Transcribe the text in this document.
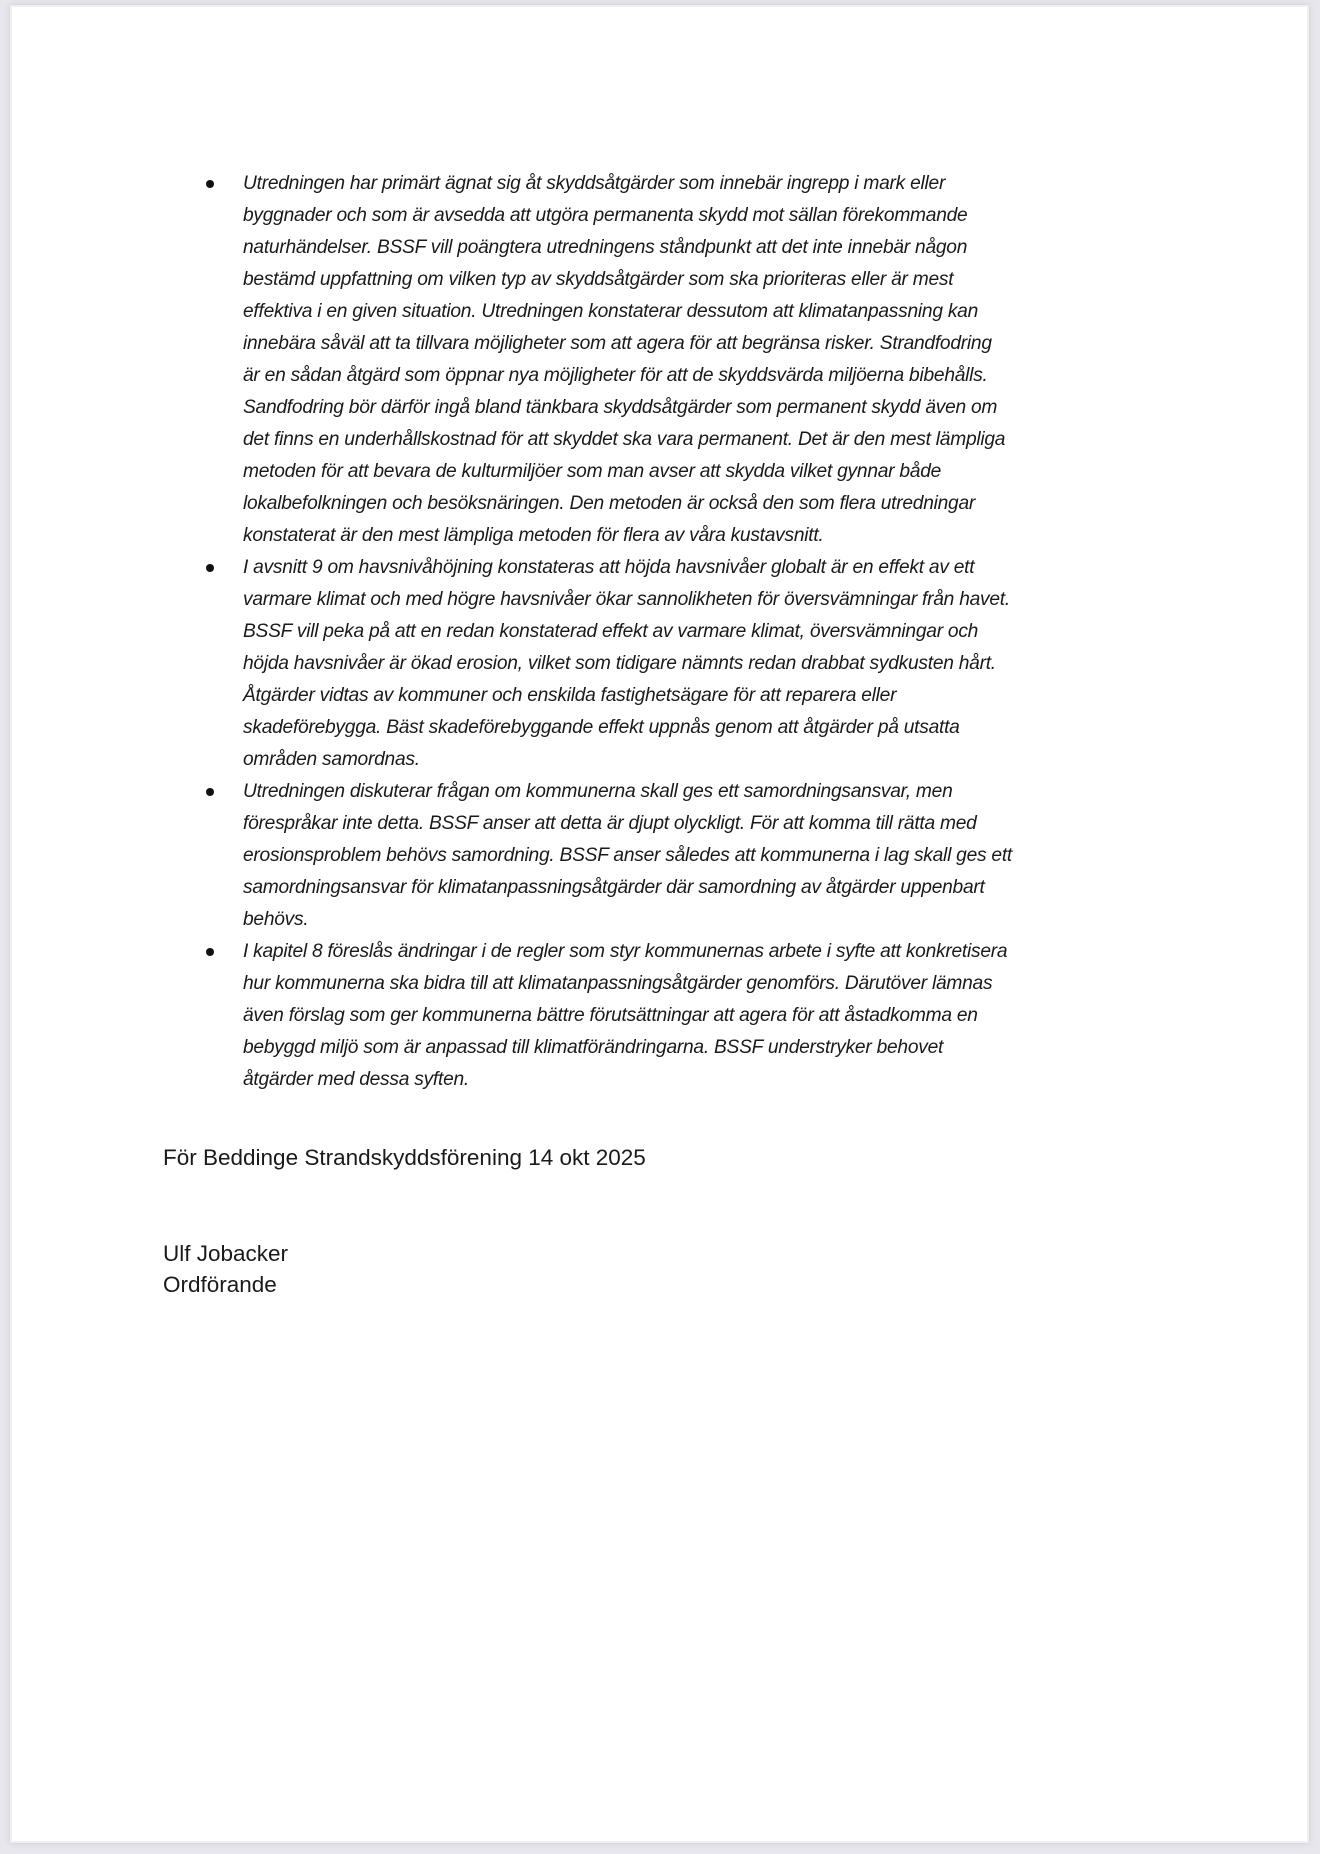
Utredningen har primärt ägnat sig åt skyddsåtgärder som innebär ingrepp i mark eller
byggnader och som är avsedda att utgöra permanenta skydd mot sällan förekommande
naturhändelser. BSSF vill poängtera utredningens ståndpunkt att det inte innebär någon
bestämd uppfattning om vilken typ av skyddsåtgärder som ska prioriteras eller är mest
effektiva i en given situation. Utredningen konstaterar dessutom att klimatanpassning kan
innebära såväl att ta tillvara möjligheter som att agera för att begränsa risker. Strandfodring
är en sådan åtgärd som öppnar nya möjligheter för att de skyddsvärda miljöerna bibehålls.
Sandfodring bör därför ingå bland tänkbara skyddsåtgärder som permanent skydd även om
det finns en underhållskostnad för att skyddet ska vara permanent. Det är den mest lämpliga
metoden för att bevara de kulturmiljöer som man avser att skydda vilket gynnar både
lokalbefolkningen och besöksnäringen. Den metoden är också den som flera utredningar
konstaterat är den mest lämpliga metoden för flera av våra kustavsnitt.
I avsnitt 9 om havsnivåhöjning konstateras att höjda havsnivåer globalt är en effekt av ett
varmare klimat och med högre havsnivåer ökar sannolikheten för översvämningar från havet.
BSSF vill peka på att en redan konstaterad effekt av varmare klimat, översvämningar och
höjda havsnivåer är ökad erosion, vilket som tidigare nämnts redan drabbat sydkusten hårt.
Åtgärder vidtas av kommuner och enskilda fastighetsägare för att reparera eller
skadeförebygga. Bäst skadeförebyggande effekt uppnås genom att åtgärder på utsatta
områden samordnas.
Utredningen diskuterar frågan om kommunerna skall ges ett samordningsansvar, men
förespråkar inte detta. BSSF anser att detta är djupt olyckligt. För att komma till rätta med
erosionsproblem behövs samordning. BSSF anser således att kommunerna i lag skall ges ett
samordningsansvar för klimatanpassningsåtgärder där samordning av åtgärder uppenbart
behövs.
I kapitel 8 föreslås ändringar i de regler som styr kommunernas arbete i syfte att konkretisera
hur kommunerna ska bidra till att klimatanpassningsåtgärder genomförs. Därutöver lämnas
även förslag som ger kommunerna bättre förutsättningar att agera för att åstadkomma en
bebyggd miljö som är anpassad till klimatförändringarna. BSSF understryker behovet
åtgärder med dessa syften.
För Beddinge Strandskyddsförening 14 okt 2025
Ulf Jobacker
Ordförande
